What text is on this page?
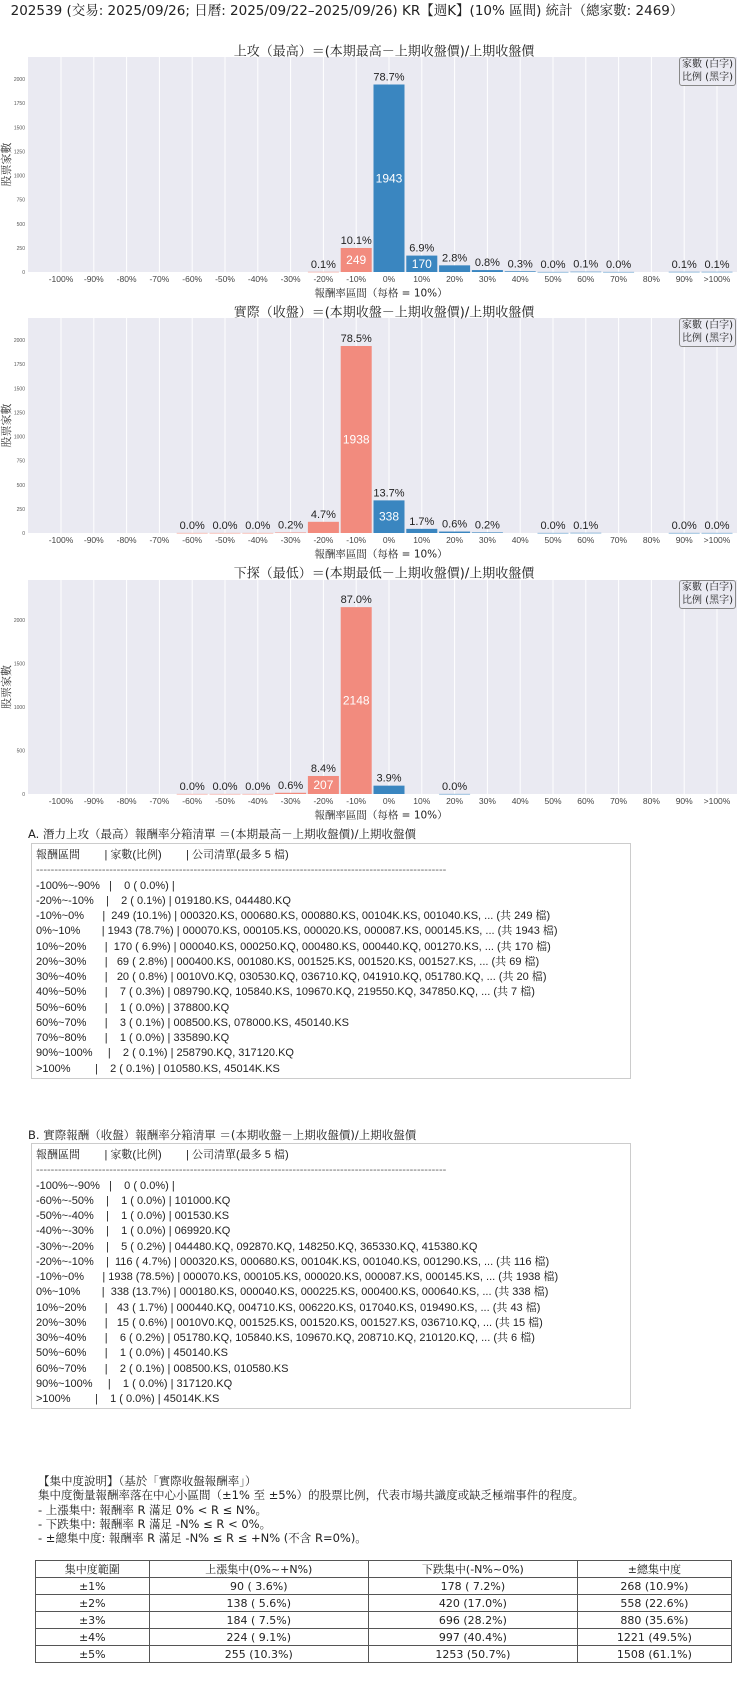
202539 (交易: 2025/09/26; 日曆: 2025/09/22–2025/09/26) KR【週K】(10% 區間) 統計（總家數: 2469）
0
250
500
750
1000
1250
1500
1750
2000
股票家數
-100% -90% -80% -70% -60% -50% -40% -30% -20%
0.1%
-10%
249
10.1%
0%
1943
78.7%
10%
170
6.9%
20%
2.8%
30%
0.8%
40%
0.3%
50%
0.0%
60%
0.1%
70%
0.0%
80% 90%
0.1%
>100%
0.1%
0
250
500
750
1000
1250
1500
1750
2000
股票家數
-100% -90% -80% -70% -60%
0.0%
-50%
0.0%
-40%
0.0%
-30%
0.2%
-20%
4.7%
-10%
1938
78.5%
0%
338
13.7%
10%
1.7%
20%
0.6%
30%
0.2%
40% 50%
0.0%
60%
0.1%
70% 80% 90%
0.0%
>100%
0.0%
0
500
1000
1500
2000
股票家數
-100% -90% -80% -70% -60%
0.0%
-50%
0.0%
-40%
0.0%
-30%
0.6%
-20%
207
8.4%
-10%
2148
87.0%
0%
3.9%
10% 20%
0.0%
30% 40% 50% 60% 70% 80% 90% >100%
上攻（最高）＝(本期最高－上期收盤價)/上期收盤價
家數 (白字)
比例 (黑字)
報酬率區間（每格 = 10%）
實際（收盤）＝(本期收盤－上期收盤價)/上期收盤價
家數 (白字)
比例 (黑字)
報酬率區間（每格 = 10%）
下探（最低）＝(本期最低－上期收盤價)/上期收盤價
家數 (白字)
比例 (黑字)
報酬率區間（每格 = 10%）
A. 潛力上攻（最高）報酬率分箱清單 ＝(本期最高－上期收盤價)/上期收盤價
報酬區間        | 家數(比例)        | 公司清單(最多 5 檔)
----------------------------------------------------------------------------------------------------------------
-100%~-90%   |    0 ( 0.0%) |
-20%~-10%    |    2 ( 0.1%) | 019180.KS, 044480.KQ
-10%~0%      |  249 (10.1%) | 000320.KS, 000680.KS, 000880.KS, 00104K.KS, 001040.KS, ... (共 249 檔)
0%~10%       | 1943 (78.7%) | 000070.KS, 000105.KS, 000020.KS, 000087.KS, 000145.KS, ... (共 1943 檔)
10%~20%      |  170 ( 6.9%) | 000040.KS, 000250.KQ, 000480.KS, 000440.KQ, 001270.KS, ... (共 170 檔)
20%~30%      |   69 ( 2.8%) | 000400.KS, 001080.KS, 001525.KS, 001520.KS, 001527.KS, ... (共 69 檔)
30%~40%      |   20 ( 0.8%) | 0010V0.KQ, 030530.KQ, 036710.KQ, 041910.KQ, 051780.KQ, ... (共 20 檔)
40%~50%      |    7 ( 0.3%) | 089790.KQ, 105840.KS, 109670.KQ, 219550.KQ, 347850.KQ, ... (共 7 檔)
50%~60%      |    1 ( 0.0%) | 378800.KQ
60%~70%      |    3 ( 0.1%) | 008500.KS, 078000.KS, 450140.KS
70%~80%      |    1 ( 0.0%) | 335890.KQ
90%~100%     |    2 ( 0.1%) | 258790.KQ, 317120.KQ
>100%        |    2 ( 0.1%) | 010580.KS, 45014K.KS
B. 實際報酬（收盤）報酬率分箱清單 ＝(本期收盤－上期收盤價)/上期收盤價
報酬區間        | 家數(比例)        | 公司清單(最多 5 檔)
----------------------------------------------------------------------------------------------------------------
-100%~-90%   |    0 ( 0.0%) |
-60%~-50%    |    1 ( 0.0%) | 101000.KQ
-50%~-40%    |    1 ( 0.0%) | 001530.KS
-40%~-30%    |    1 ( 0.0%) | 069920.KQ
-30%~-20%    |    5 ( 0.2%) | 044480.KQ, 092870.KQ, 148250.KQ, 365330.KQ, 415380.KQ
-20%~-10%    |  116 ( 4.7%) | 000320.KS, 000680.KS, 00104K.KS, 001040.KS, 001290.KS, ... (共 116 檔)
-10%~0%      | 1938 (78.5%) | 000070.KS, 000105.KS, 000020.KS, 000087.KS, 000145.KS, ... (共 1938 檔)
0%~10%       |  338 (13.7%) | 000180.KS, 000040.KS, 000225.KS, 000400.KS, 000640.KS, ... (共 338 檔)
10%~20%      |   43 ( 1.7%) | 000440.KQ, 004710.KS, 006220.KS, 017040.KS, 019490.KS, ... (共 43 檔)
20%~30%      |   15 ( 0.6%) | 0010V0.KQ, 001525.KS, 001520.KS, 001527.KS, 036710.KQ, ... (共 15 檔)
30%~40%      |    6 ( 0.2%) | 051780.KQ, 105840.KS, 109670.KQ, 208710.KQ, 210120.KQ, ... (共 6 檔)
50%~60%      |    1 ( 0.0%) | 450140.KS
60%~70%      |    2 ( 0.1%) | 008500.KS, 010580.KS
90%~100%     |    1 ( 0.0%) | 317120.KQ
>100%        |    1 ( 0.0%) | 45014K.KS
【集中度說明】（基於「實際收盤報酬率」）
集中度衡量報酬率落在中心小區間（±1% 至 ±5%）的股票比例，代表市場共識度或缺乏極端事件的程度。
- 上漲集中: 報酬率 R 滿足 0% < R ≤ N%。
- 下跌集中: 報酬率 R 滿足 -N% ≤ R < 0%。
- ±總集中度: 報酬率 R 滿足 -N% ≤ R ≤ +N% (不含 R=0%)。
集中度範圍	上漲集中(0%~+N%)	下跌集中(-N%~0%)	±總集中度
±1%	90 ( 3.6%)	178 ( 7.2%)	268 (10.9%)
±2%	138 ( 5.6%)	420 (17.0%)	558 (22.6%)
±3%	184 ( 7.5%)	696 (28.2%)	880 (35.6%)
±4%	224 ( 9.1%)	997 (40.4%)	1221 (49.5%)
±5%	255 (10.3%)	1253 (50.7%)	1508 (61.1%)
